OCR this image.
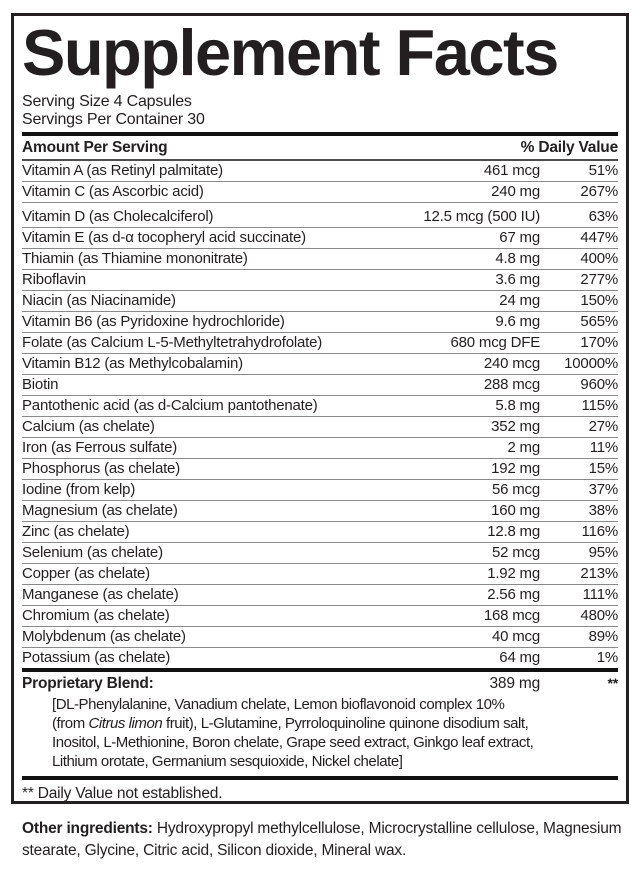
Supplement Facts
Serving Size 4 Capsules
Servings Per Container 30
Amount Per Serving	% Daily Value
Vitamin A (as Retinyl palmitate)	461 mcg	51%
Vitamin C (as Ascorbic acid)	240 mg	267%
Vitamin D (as Cholecalciferol)	12.5 mcg (500 IU)	63%
Vitamin E (as d-α tocopheryl acid succinate)	67 mg	447%
Thiamin (as Thiamine mononitrate)	4.8 mg	400%
Riboflavin	3.6 mg	277%
Niacin (as Niacinamide)	24 mg	150%
Vitamin B6 (as Pyridoxine hydrochloride)	9.6 mg	565%
Folate (as Calcium L-5-Methyltetrahydrofolate)	680 mcg DFE	170%
Vitamin B12 (as Methylcobalamin)	240 mcg	10000%
Biotin	288 mcg	960%
Pantothenic acid (as d-Calcium pantothenate)	5.8 mg	115%
Calcium (as chelate)	352 mg	27%
Iron (as Ferrous sulfate)	2 mg	11%
Phosphorus (as chelate)	192 mg	15%
Iodine (from kelp)	56 mcg	37%
Magnesium (as chelate)	160 mg	38%
Zinc (as chelate)	12.8 mg	116%
Selenium (as chelate)	52 mcg	95%
Copper (as chelate)	1.92 mg	213%
Manganese (as chelate)	2.56 mg	111%
Chromium (as chelate)	168 mcg	480%
Molybdenum (as chelate)	40 mcg	89%
Potassium (as chelate)	64 mg	1%
Proprietary Blend:	389 mg	**
[DL-Phenylalanine, Vanadium chelate, Lemon bioflavonoid complex 10%
(from Citrus limon fruit), L-Glutamine, Pyrroloquinoline quinone disodium salt,
Inositol, L-Methionine, Boron chelate, Grape seed extract, Ginkgo leaf extract,
Lithium orotate, Germanium sesquioxide, Nickel chelate]
** Daily Value not established.
Other ingredients: Hydroxypropyl methylcellulose, Microcrystalline cellulose, Magnesium stearate, Glycine, Citric acid, Silicon dioxide, Mineral wax.
